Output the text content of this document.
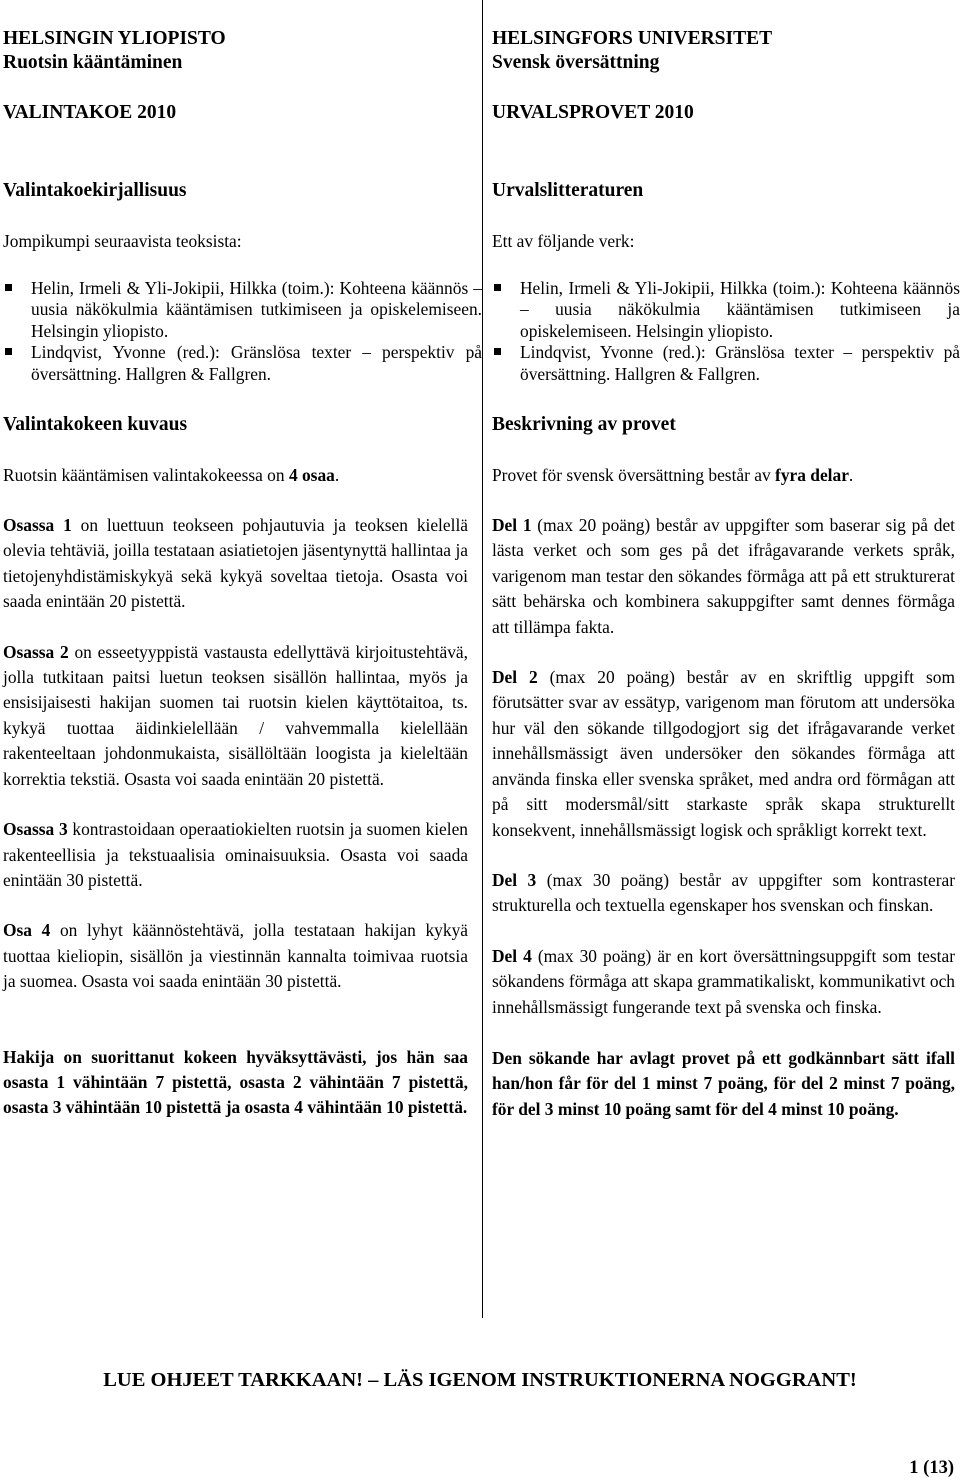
HELSINGIN YLIOPISTO
Ruotsin kääntäminen
VALINTAKOE 2010
Valintakoekirjallisuus
Jompikumpi seuraavista teoksista:
Helin, Irmeli & Yli-Jokipii, Hilkka (toim.): Kohteena käännös – uusia näkökulmia kääntämisen tutkimiseen ja opiskelemiseen. Helsingin yliopisto.
Lindqvist, Yvonne (red.): Gränslösa texter – perspektiv på översättning. Hallgren & Fallgren.
Valintakokeen kuvaus
Ruotsin kääntämisen valintakokeessa on 4 osaa.
Osassa 1 on luettuun teokseen pohjautuvia ja teoksen kielellä olevia tehtäviä, joilla testataan asiatietojen jäsentynyttä hallintaa ja tietojenyhdistämiskykyä sekä kykyä soveltaa tietoja. Osasta voi saada enintään 20 pistettä.
Osassa 2 on esseetyyppistä vastausta edellyttävä kirjoitustehtävä, jolla tutkitaan paitsi luetun teoksen sisällön hallintaa, myös ja ensisijaisesti hakijan suomen tai ruotsin kielen käyttötaitoa, ts. kykyä tuottaa äidinkielellään / vahvemmalla kielellään rakenteeltaan johdonmukaista, sisällöltään loogista ja kieleltään korrektia tekstiä. Osasta voi saada enintään 20 pistettä.
Osassa 3 kontrastoidaan operaatiokielten ruotsin ja suomen kielen rakenteellisia ja tekstuaalisia ominaisuuksia. Osasta voi saada enintään 30 pistettä.
Osa 4 on lyhyt käännöstehtävä, jolla testataan hakijan kykyä tuottaa kieliopin, sisällön ja viestinnän kannalta toimivaa ruotsia ja suomea. Osasta voi saada enintään 30 pistettä.
Hakija on suorittanut kokeen hyväksyttävästi, jos hän saa osasta 1 vähintään 7 pistettä, osasta 2 vähintään 7 pistettä, osasta 3 vähintään 10 pistettä ja osasta 4 vähintään 10 pistettä.
HELSINGFORS UNIVERSITET
Svensk översättning
URVALSPROVET 2010
Urvalslitteraturen
Ett av följande verk:
Helin, Irmeli & Yli-Jokipii, Hilkka (toim.): Kohteena käännös – uusia näkökulmia kääntämisen tutkimiseen ja opiskelemiseen. Helsingin yliopisto.
Lindqvist, Yvonne (red.): Gränslösa texter – perspektiv på översättning. Hallgren & Fallgren.
Beskrivning av provet
Provet för svensk översättning består av fyra delar.
Del 1 (max 20 poäng) består av uppgifter som baserar sig på det lästa verket och som ges på det ifrågavarande verkets språk, varigenom man testar den sökandes förmåga att på ett strukturerat sätt behärska och kombinera sakuppgifter samt dennes förmåga att tillämpa fakta.
Del 2 (max 20 poäng) består av en skriftlig uppgift som förutsätter svar av essätyp, varigenom man förutom att undersöka hur väl den sökande tillgodogjort sig det ifrågavarande verket innehållsmässigt även undersöker den sökandes förmåga att använda finska eller svenska språket, med andra ord förmågan att på sitt modersmål/sitt starkaste språk skapa strukturellt konsekvent, innehållsmässigt logisk och språkligt korrekt text.
Del 3 (max 30 poäng) består av uppgifter som kontrasterar strukturella och textuella egenskaper hos svenskan och finskan.
Del 4 (max 30 poäng) är en kort översättningsuppgift som testar sökandens förmåga att skapa grammatikaliskt, kommunikativt och innehållsmässigt fungerande text på svenska och finska.
Den sökande har avlagt provet på ett godkännbart sätt ifall han/hon får för del 1 minst 7 poäng, för del 2 minst 7 poäng, för del 3 minst 10 poäng samt för del 4 minst 10 poäng.
LUE OHJEET TARKKAAN! – LÄS IGENOM INSTRUKTIONERNA NOGGRANT!
1 (13)
